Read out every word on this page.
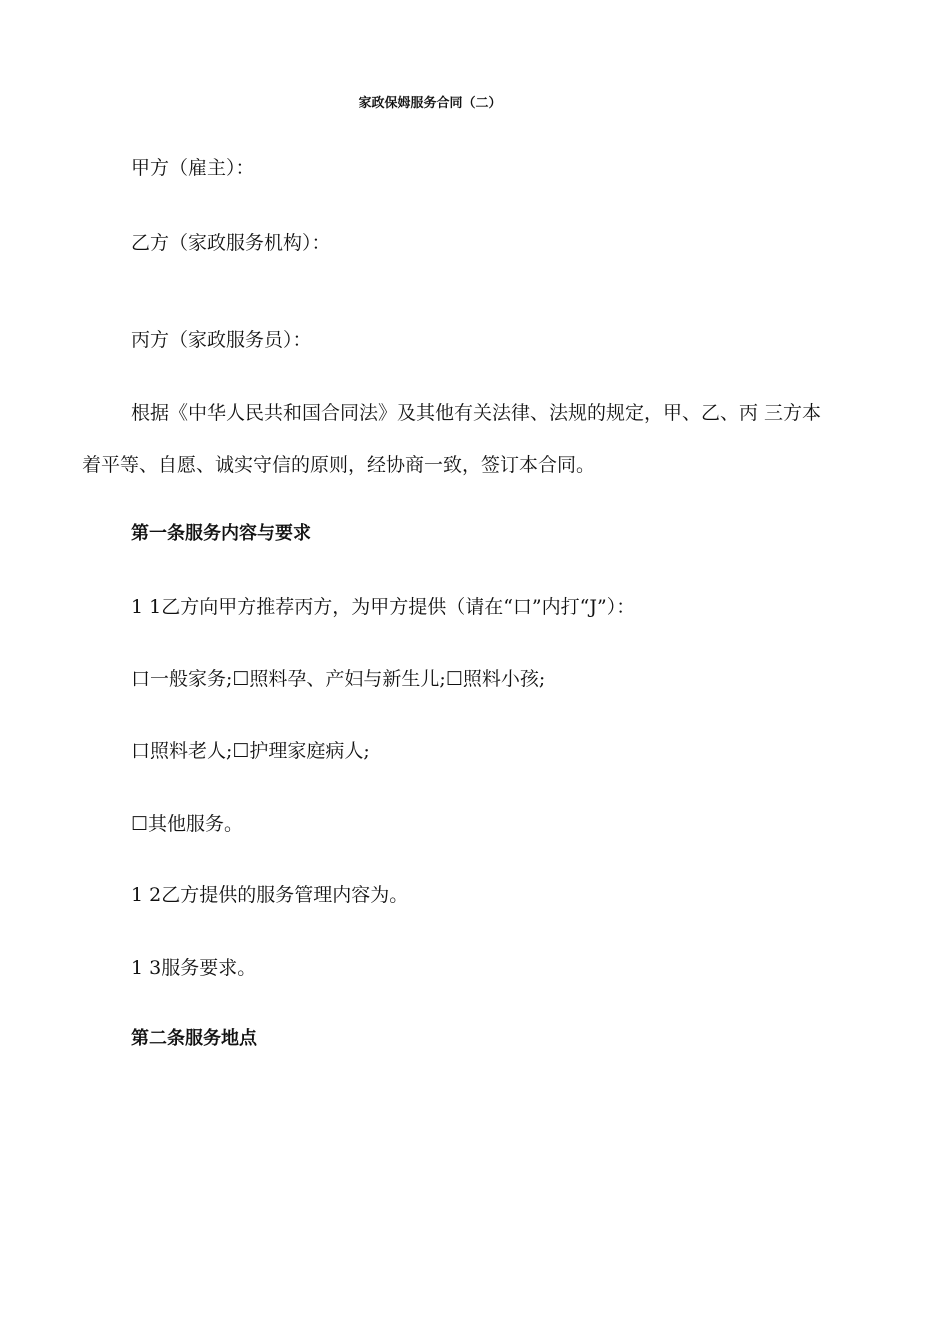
家政保姆服务合同（二）
甲方（雇主）：
乙方（家政服务机构）：
丙方（家政服务员）：
根据《中华人民共和国合同法》及其他有关法律、法规的规定，甲、乙、丙 三方本
着平等、自愿、诚实守信的原则，经协商一致，签订本合同。
第一条服务内容与要求
1 1乙方向甲方推荐丙方，为甲方提供（请在“口”内打“J”）：
口一般家务;☐照料孕、产妇与新生儿;☐照料小孩;
口照料老人;☐护理家庭病人;
☐其他服务。
1 2乙方提供的服务管理内容为。
1 3服务要求。
第二条服务地点
